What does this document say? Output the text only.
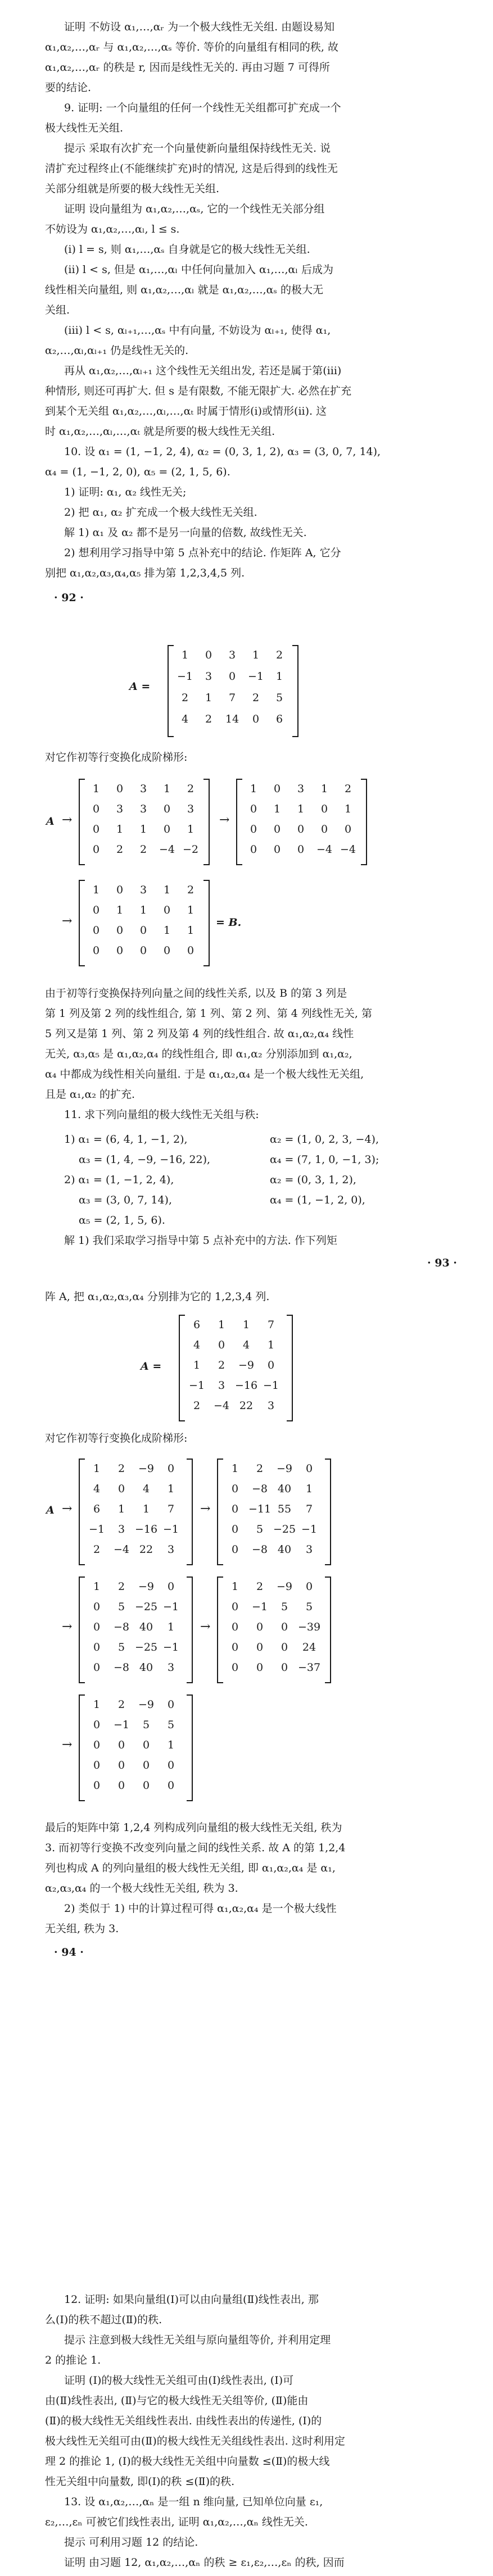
证明 不妨设 α₁,…,αᵣ 为一个极大线性无关组. 由题设易知

α₁,α₂,…,αᵣ 与 α₁,α₂,…,αₛ 等价. 等价的向量组有相同的秩, 故

α₁,α₂,…,αᵣ 的秩是 r, 因而是线性无关的. 再由习题 7 可得所

要的结论.

9. 证明: 一个向量组的任何一个线性无关组都可扩充成一个

极大线性无关组.

提示 采取有次扩充一个向量使新向量组保持线性无关. 说

清扩充过程终止(不能继续扩充)时的情况, 这是后得到的线性无

关部分组就是所要的极大线性无关组.

证明 设向量组为 α₁,α₂,…,αₛ, 它的一个线性无关部分组

不妨设为 α₁,α₂,…,αₗ, l ≤ s.

(i) l = s, 则 α₁,…,αₛ 自身就是它的极大线性无关组.

(ii) l < s, 但是 α₁,…,αₗ 中任何向量加入 α₁,…,αₗ 后成为

线性相关向量组, 则 α₁,α₂,…,αₗ 就是 α₁,α₂,…,αₛ 的极大无

关组.

(iii) l < s, αₗ₊₁,…,αₛ 中有向量, 不妨设为 αₗ₊₁, 使得 α₁,

α₂,…,αₗ,αₗ₊₁ 仍是线性无关的.

再从 α₁,α₂,…,αₗ₊₁ 这个线性无关组出发, 若还是属于第(iii)

种情形, 则还可再扩大. 但 s 是有限数, 不能无限扩大. 必然在扩充

到某个无关组 α₁,α₂,…,αₗ,…,αₜ 时属于情形(i)或情形(ii). 这

时 α₁,α₂,…,αₗ,…,αₜ 就是所要的极大线性无关组.

10. 设 α₁ = (1, −1, 2, 4), α₂ = (0, 3, 1, 2), α₃ = (3, 0, 7, 14),

α₄ = (1, −1, 2, 0), α₅ = (2, 1, 5, 6).

1) 证明: α₁, α₂ 线性无关;

2) 把 α₁, α₂ 扩充成一个极大线性无关组.

解 1) α₁ 及 α₂ 都不是另一向量的倍数, 故线性无关.

2) 想利用学习指导中第 5 点补充中的结论. 作矩阵 A, 它分

别把 α₁,α₂,α₃,α₄,α₅ 排为第 1,2,3,4,5 列.

· 92 ·
A =
1	0	3	1	2
−1	3	0	−1	1
2	1	7	2	5
4	2	14	0	6

对它作初等行变换化成阶梯形:

A →
1	0	3	1	2
0	3	3	0	3
0	1	1	0	1
0	2	2	−4 −2
→
1	0	3	1	2
0	1	1	0	1
0	0	0	0	0
0	0	0	−4 −4
→
1	0	3	1	2
0	1	1	0	1
0	0	0	1	1
0	0	0	0	0
= B.

由于初等行变换保持列向量之间的线性关系, 以及 B 的第 3 列是

第 1 列及第 2 列的线性组合, 第 1 列、第 2 列、第 4 列线性无关, 第

5 列又是第 1 列、第 2 列及第 4 列的线性组合. 故 α₁,α₂,α₄ 线性

无关, α₃,α₅ 是 α₁,α₂,α₄ 的线性组合, 即 α₁,α₂ 分别添加到 α₁,α₂,

α₄ 中都成为线性相关向量组. 于是 α₁,α₂,α₄ 是一个极大线性无关组,

且是 α₁,α₂ 的扩充.

11. 求下列向量组的极大线性无关组与秩:

1) α₁ = (6, 4, 1, −1, 2),	α₂ = (1, 0, 2, 3, −4),
α₃ = (1, 4, −9, −16, 22),	α₄ = (7, 1, 0, −1, 3);
2) α₁ = (1, −1, 2, 4),	α₂ = (0, 3, 1, 2),
α₃ = (3, 0, 7, 14),	α₄ = (1, −1, 2, 0),
α₅ = (2, 1, 5, 6).

解 1) 我们采取学习指导中第 5 点补充中的方法. 作下列矩

· 93 ·

阵 A, 把 α₁,α₂,α₃,α₄ 分别排为它的 1,2,3,4 列.

A =
6	1	1	7
4	0	4	1
1	2	−9	0
−1	3 −16 −1
2	−4 22	3

对它作初等行变换化成阶梯形:

A →
1	2	−9	0
4	0	4	1
6	1	1	7
−1	3 −16 −1
2	−4 22	3
→
1	2	−9	0
0	−8 40	1
0 −11 55	7
0	5 −25 −1
0	−8 40	3
→
1	2	−9	0
0	5 −25 −1
0	−8 40	1
0	5 −25 −1
0	−8 40	3
→
1	2	−9	0
0	−1	5	5
0	0	0 −39
0	0	0	24
0	0	0 −37
→
1	2	−9	0
0	−1	5	5
0	0	0	1
0	0	0	0
0	0	0	0

最后的矩阵中第 1,2,4 列构成列向量组的极大线性无关组, 秩为

3. 而初等行变换不改变列向量之间的线性关系. 故 A 的第 1,2,4

列也构成 A 的列向量组的极大线性无关组, 即 α₁,α₂,α₄ 是 α₁,

α₂,α₃,α₄ 的一个极大线性无关组, 秩为 3.

2) 类似于 1) 中的计算过程可得 α₁,α₂,α₄ 是一个极大线性

无关组, 秩为 3.

· 94 ·

12. 证明: 如果向量组(Ⅰ)可以由向量组(Ⅱ)线性表出, 那

么(Ⅰ)的秩不超过(Ⅱ)的秩.

提示 注意到极大线性无关组与原向量组等价, 并利用定理

2 的推论 1.

证明 (Ⅰ)的极大线性无关组可由(Ⅰ)线性表出, (Ⅰ)可

由(Ⅱ)线性表出, (Ⅱ)与它的极大线性无关组等价, (Ⅱ)能由

(Ⅱ)的极大线性无关组线性表出. 由线性表出的传递性, (Ⅰ)的

极大线性无关组可由(Ⅱ)的极大线性无关组线性表出. 这时利用定

理 2 的推论 1, (Ⅰ)的极大线性无关组中向量数 ≤(Ⅱ)的极大线

性无关组中向量数, 即(Ⅰ)的秩 ≤(Ⅱ)的秩.

13. 设 α₁,α₂,…,αₙ 是一组 n 维向量, 已知单位向量 ε₁,

ε₂,…,εₙ 可被它们线性表出, 证明 α₁,α₂,…,αₙ 线性无关.

提示 可利用习题 12 的结论.

证明 由习题 12, α₁,α₂,…,αₙ 的秩 ≥ ε₁,ε₂,…,εₙ 的秩, 因而
